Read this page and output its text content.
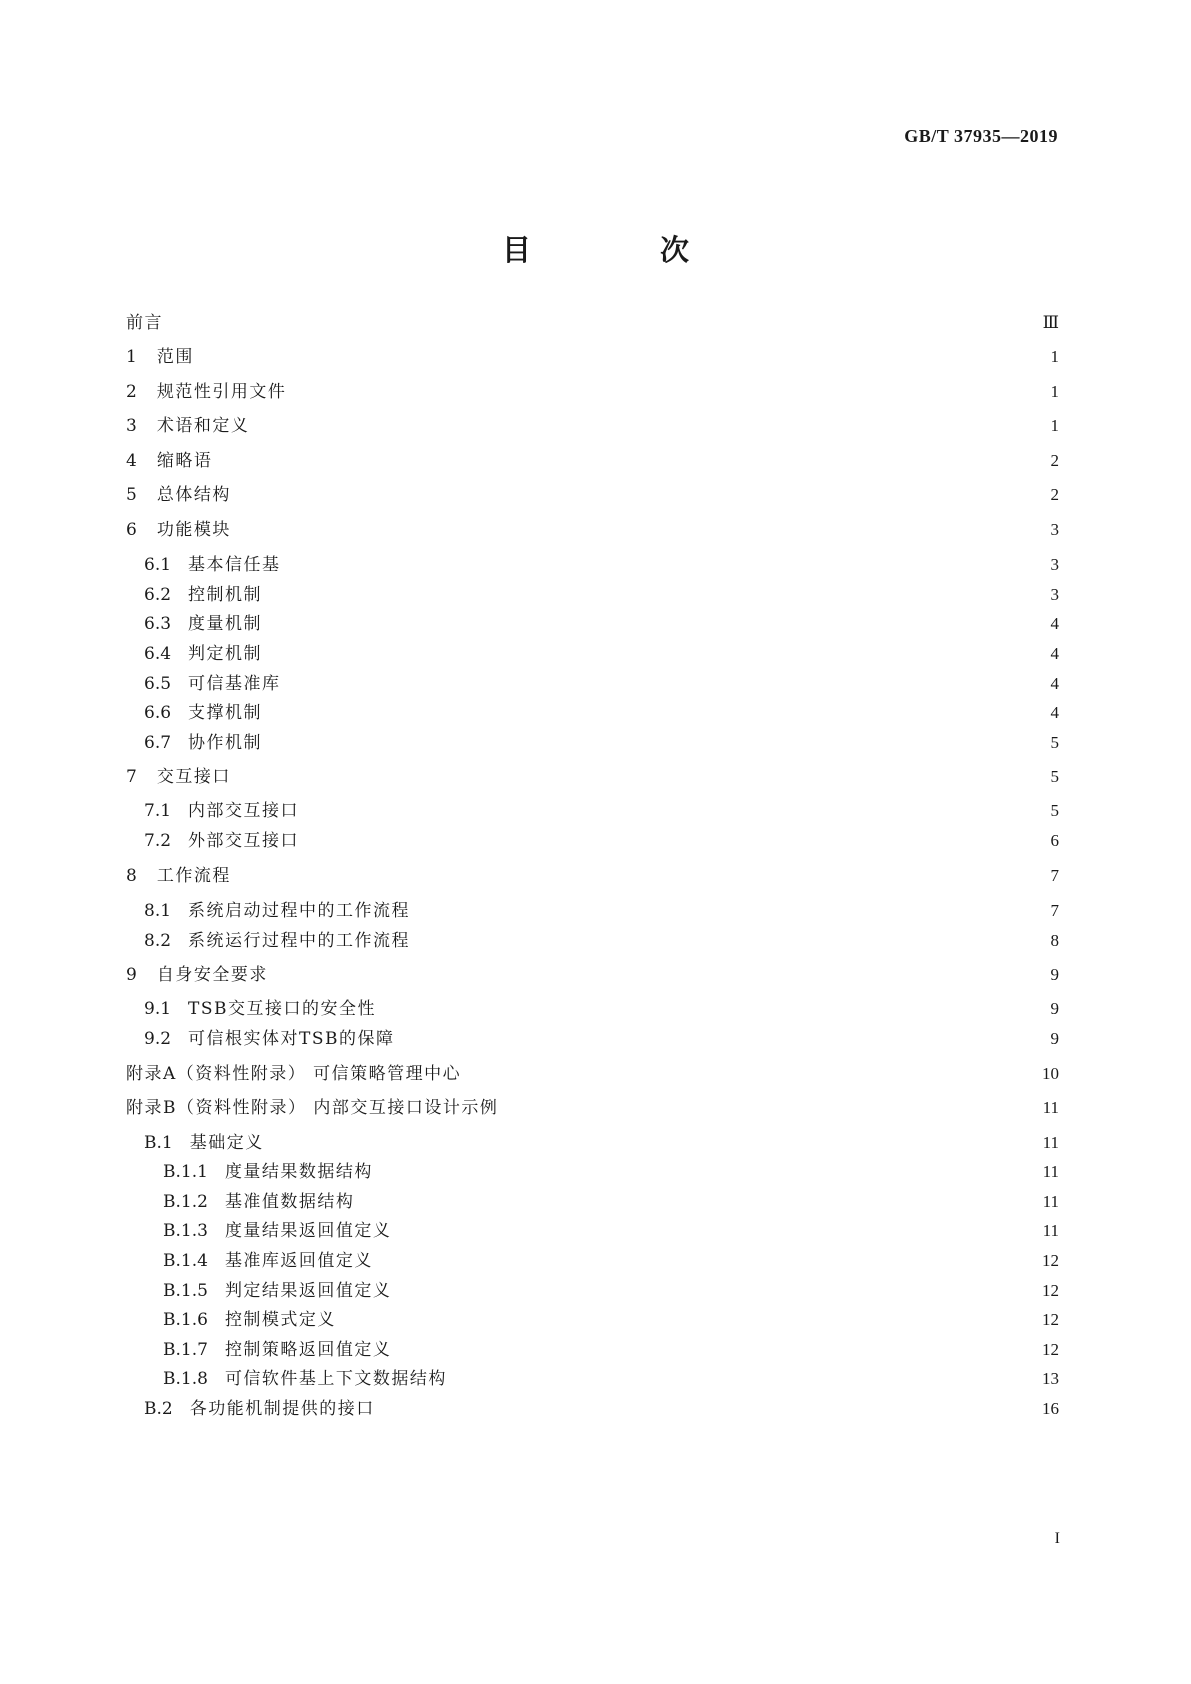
GB/T 37935—2019
目　次
前言	Ⅲ
1 范围	1
2 规范性引用文件	1
3 术语和定义	1
4 缩略语	2
5 总体结构	2
6 功能模块	3
6.1 基本信任基	3
6.2 控制机制	3
6.3 度量机制	4
6.4 判定机制	4
6.5 可信基准库	4
6.6 支撑机制	4
6.7 协作机制	5
7 交互接口	5
7.1 内部交互接口	5
7.2 外部交互接口	6
8 工作流程	7
8.1 系统启动过程中的工作流程	7
8.2 系统运行过程中的工作流程	8
9 自身安全要求	9
9.1 TSB交互接口的安全性	9
9.2 可信根实体对TSB的保障	9
附录A（资料性附录） 可信策略管理中心	10
附录B（资料性附录） 内部交互接口设计示例	11
B.1 基础定义	11
B.1.1 度量结果数据结构	11
B.1.2 基准值数据结构	11
B.1.3 度量结果返回值定义	11
B.1.4 基准库返回值定义	12
B.1.5 判定结果返回值定义	12
B.1.6 控制模式定义	12
B.1.7 控制策略返回值定义	12
B.1.8 可信软件基上下文数据结构	13
B.2 各功能机制提供的接口	16
I
